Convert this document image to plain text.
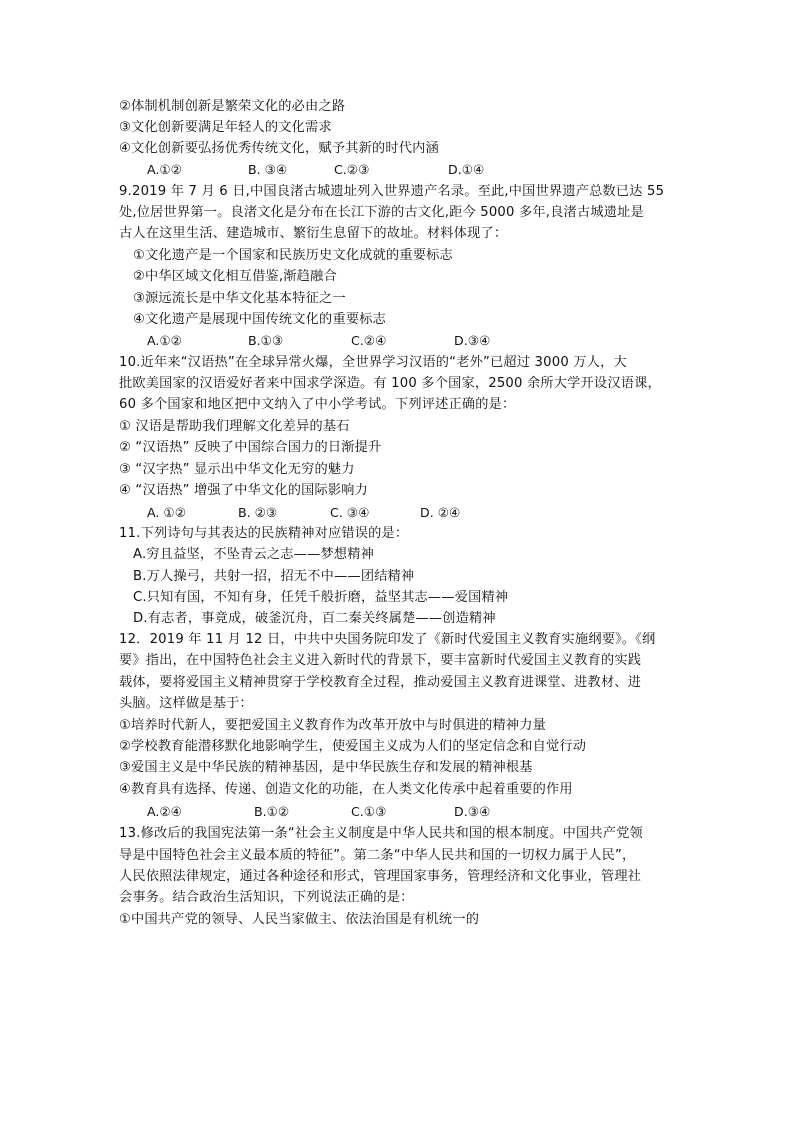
②体制机制创新是繁荣文化的必由之路
③文化创新要满足年轻人的文化需求
④文化创新要弘扬优秀传统文化，赋予其新的时代内涵
A.①②	B. ③④	C.②③	D.①④
9.2019 年 7 月 6 日,中国良渚古城遗址列入世界遗产名录。至此,中国世界遗产总数已达 55
处,位居世界第一。良渚文化是分布在长江下游的古文化,距今 5000 多年,良渚古城遗址是
古人在这里生活、建造城市、繁衍生息留下的故址。材料体现了：
①文化遗产是一个国家和民族历史文化成就的重要标志
②中华区域文化相互借鉴,渐趋融合
③源远流长是中华文化基本特征之一
④文化遗产是展现中国传统文化的重要标志
A.①②	B.①③	C.②④	D.③④
10.近年来“汉语热”在全球异常火爆，全世界学习汉语的“老外”已超过 3000 万人，大
批欧美国家的汉语爱好者来中国求学深造。有 100 多个国家，2500 余所大学开设汉语课，
60 多个国家和地区把中文纳入了中小学考试。下列评述正确的是：
① 汉语是帮助我们理解文化差异的基石
② “汉语热” 反映了中国综合国力的日渐提升
③ “汉字热” 显示出中华文化无穷的魅力
④ “汉语热” 增强了中华文化的国际影响力
A. ①②	B. ②③	C. ③④	D. ②④
11.下列诗句与其表达的民族精神对应错误的是：
A.穷且益坚，不坠青云之志——梦想精神
B.万人操弓，共射一招，招无不中——团结精神
C.只知有国，不知有身，任凭千般折磨，益坚其志——爱国精神
D.有志者，事竟成，破釜沉舟，百二秦关终属楚——创造精神
12．2019 年 11 月 12 日，中共中央国务院印发了《新时代爱国主义教育实施纲要》。《纲
要》指出，在中国特色社会主义进入新时代的背景下，要丰富新时代爱国主义教育的实践
载体，要将爱国主义精神贯穿于学校教育全过程，推动爱国主义教育进课堂、进教材、进
头脑。这样做是基于：
①培养时代新人，要把爱国主义教育作为改革开放中与时俱进的精神力量
②学校教育能潜移默化地影响学生，使爱国主义成为人们的坚定信念和自觉行动
③爱国主义是中华民族的精神基因，是中华民族生存和发展的精神根基
④教育具有选择、传递、创造文化的功能，在人类文化传承中起着重要的作用
A.②④	B.①②	C.①③	D.③④
13.修改后的我国宪法第一条“社会主义制度是中华人民共和国的根本制度。中国共产党领
导是中国特色社会主义最本质的特征”。第二条“中华人民共和国的一切权力属于人民”，
人民依照法律规定，通过各种途径和形式，管理国家事务，管理经济和文化事业，管理社
会事务。结合政治生活知识，下列说法正确的是：
①中国共产党的领导、人民当家做主、依法治国是有机统一的
